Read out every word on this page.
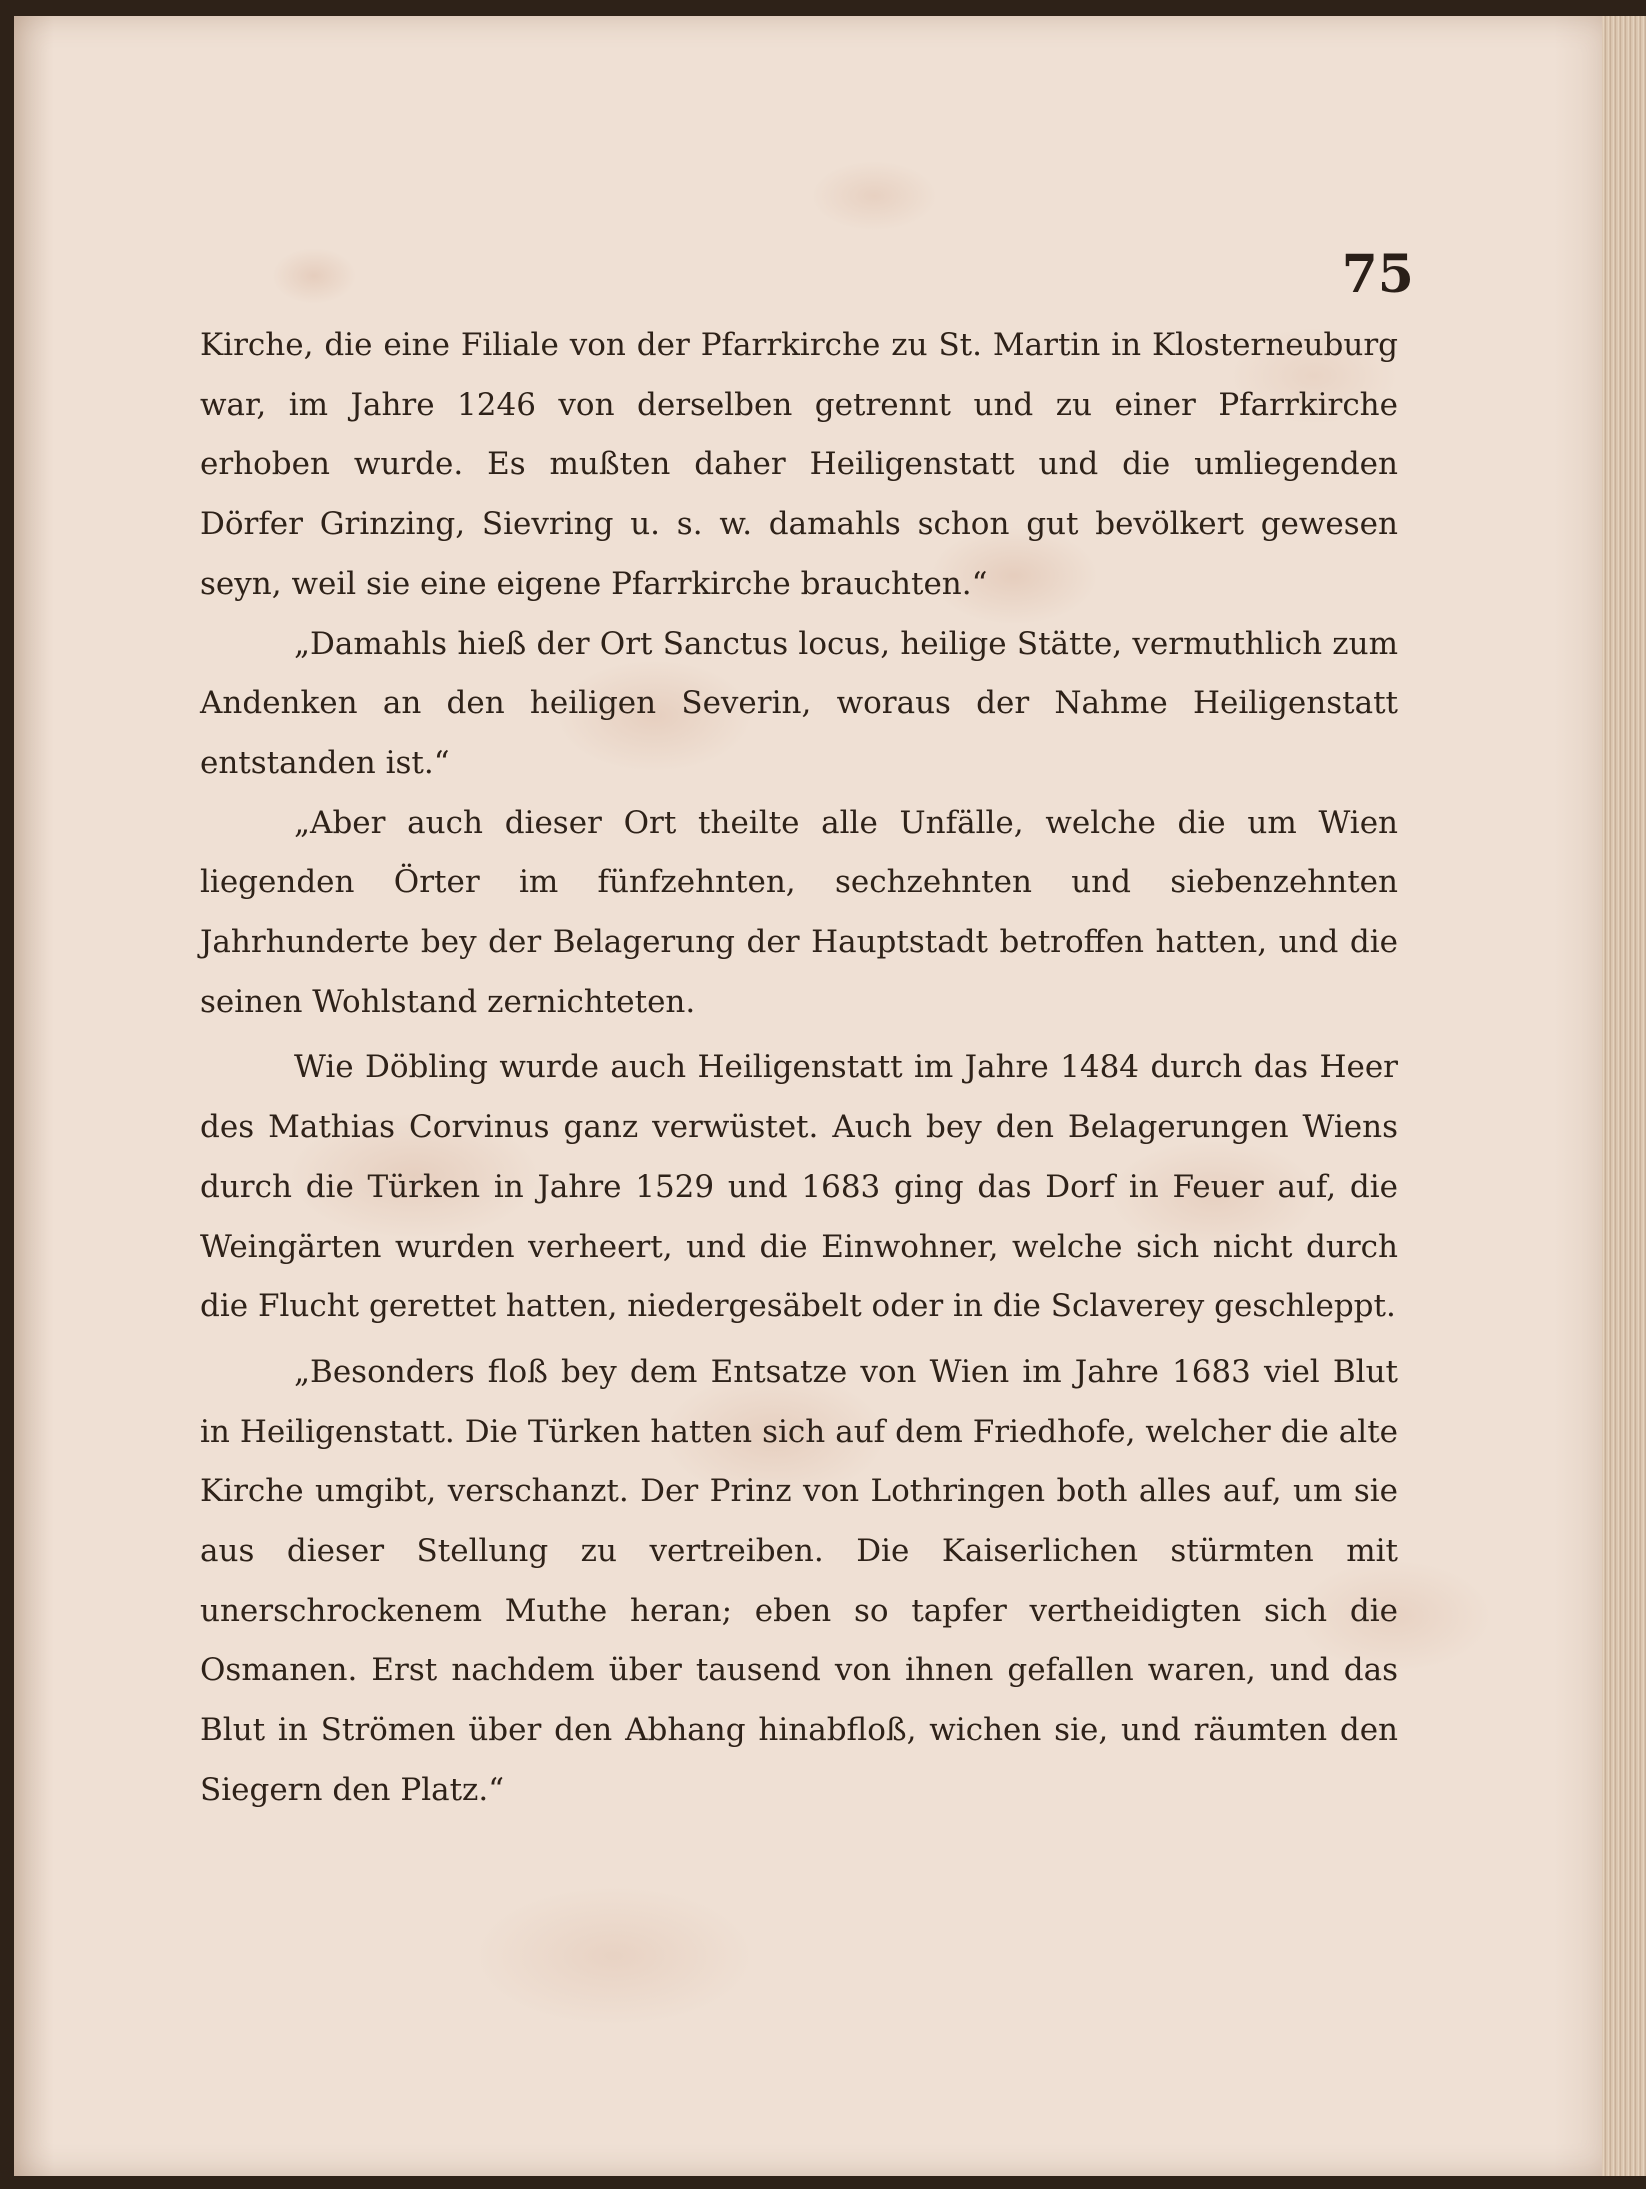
75

Kirche, die eine Filiale von der Pfarrkirche zu St. Martin in Klosterneuburg war, im Jahre 1246 von derselben getrennt und zu einer Pfarrkirche erhoben wurde. Es mußten daher Heiligenstatt und die umliegenden Dörfer Grinzing, Sievring u. s. w. damahls schon gut bevölkert gewesen seyn, weil sie eine eigene Pfarrkirche brauchten.“

„Damahls hieß der Ort Sanctus locus, heilige Stätte, vermuthlich zum Andenken an den heiligen Severin, woraus der Nahme Heiligenstatt entstanden ist.“

„Aber auch dieser Ort theilte alle Unfälle, welche die um Wien liegenden Örter im fünfzehnten, sechzehnten und siebenzehnten Jahrhunderte bey der Belagerung der Hauptstadt betroffen hatten, und die seinen Wohlstand zernichteten.

Wie Döbling wurde auch Heiligenstatt im Jahre 1484 durch das Heer des Mathias Corvinus ganz verwüstet. Auch bey den Belagerungen Wiens durch die Türken in Jahre 1529 und 1683 ging das Dorf in Feuer auf, die Weingärten wurden verheert, und die Einwohner, welche sich nicht durch die Flucht gerettet hatten, niedergesäbelt oder in die Sclaverey geschleppt.

„Besonders floß bey dem Entsatze von Wien im Jahre 1683 viel Blut in Heiligenstatt. Die Türken hatten sich auf dem Friedhofe, welcher die alte Kirche umgibt, verschanzt. Der Prinz von Lothringen both alles auf, um sie aus dieser Stellung zu vertreiben. Die Kaiserlichen stürmten mit unerschrockenem Muthe heran; eben so tapfer vertheidigten sich die Osmanen. Erst nachdem über tausend von ihnen gefallen waren, und das Blut in Strömen über den Abhang hinabfloß, wichen sie, und räumten den Siegern den Platz.“
